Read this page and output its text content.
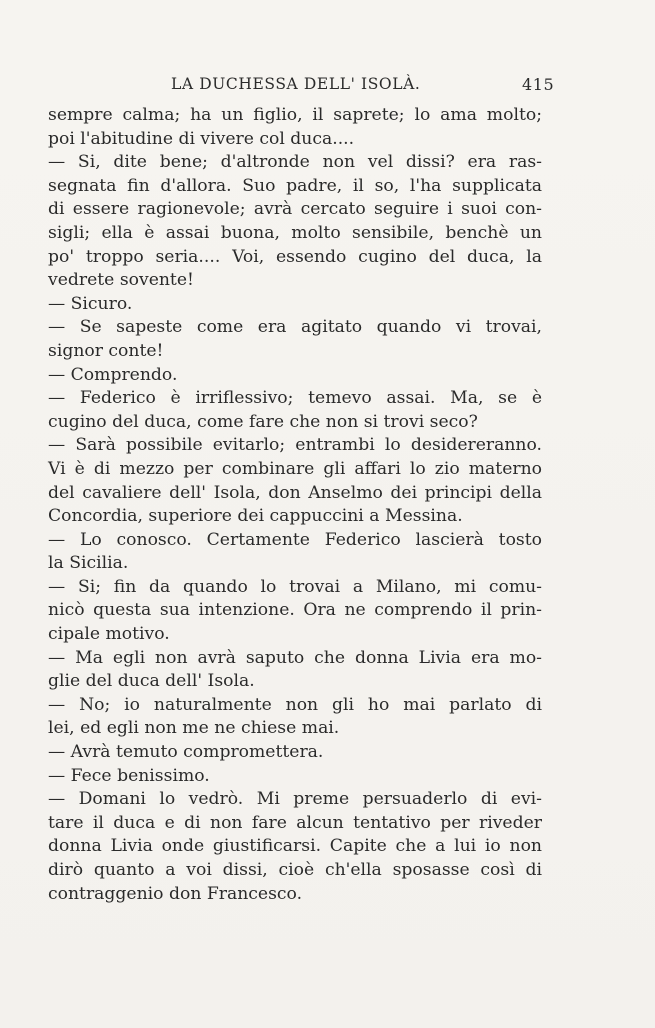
LA DUCHESSA DELL' ISOLÀ.	415
sempre calma; ha un figlio, il saprete; lo ama molto;
poi l'abitudine di vivere col duca....
— Si, dite bene; d'altronde non vel dissi? era ras-
segnata fin d'allora. Suo padre, il so, l'ha supplicata
di essere ragionevole; avrà cercato seguire i suoi con-
sigli; ella è assai buona, molto sensibile, benchè un
po' troppo seria.... Voi, essendo cugino del duca, la
vedrete sovente!
— Sicuro.
— Se sapeste come era agitato quando vi trovai,
signor conte!
— Comprendo.
— Federico è irriflessivo; temevo assai. Ma, se è
cugino del duca, come fare che non si trovi seco?
— Sarà possibile evitarlo; entrambi lo desidereranno.
Vi è di mezzo per combinare gli affari lo zio materno
del cavaliere dell' Isola, don Anselmo dei principi della
Concordia, superiore dei cappuccini a Messina.
— Lo conosco. Certamente Federico lascierà tosto
la Sicilia.
— Si; fin da quando lo trovai a Milano, mi comu-
nicò questa sua intenzione. Ora ne comprendo il prin-
cipale motivo.
— Ma egli non avrà saputo che donna Livia era mo-
glie del duca dell' Isola.
— No; io naturalmente non gli ho mai parlato di
lei, ed egli non me ne chiese mai.
— Avrà temuto compromettera.
— Fece benissimo.
— Domani lo vedrò. Mi preme persuaderlo di evi-
tare il duca e di non fare alcun tentativo per riveder
donna Livia onde giustificarsi. Capite che a lui io non
dirò quanto a voi dissi, cioè ch'ella sposasse così di
contraggenio don Francesco.
